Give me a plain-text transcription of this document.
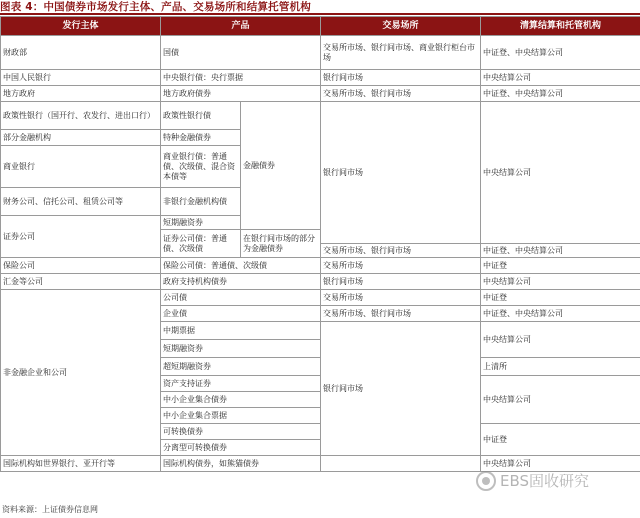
图表 4：中国债券市场发行主体、产品、交易场所和结算托管机构
发行主体	产品		交易场所	清算结算和托管机构
财政部	国债		交易所市场、银行间市场、商业银行柜台市场	中证登、中央结算公司
中国人民银行	中央银行债：央行票据		银行间市场	中央结算公司
地方政府	地方政府债券		交易所市场、银行间市场	中证登、中央结算公司
政策性银行（国开行、农发行、进出口行）	政策性银行债	金融债券	银行间市场	中央结算公司
部分金融机构	特种金融债券			
商业银行	商业银行债：普通债、次级债、混合资本债等			
财务公司、信托公司、租赁公司等	非银行金融机构债			
证券公司	短期融资券			
	证券公司债：普通债、次级债	在银行间市场的部分为金融债券		
			交易所市场、银行间市场	中证登、中央结算公司
保险公司	保险公司债：普通债、次级债		交易所市场	中证登
汇金等公司	政府支持机构债券		银行间市场	中央结算公司
非金融企业和公司	公司债		交易所市场	中证登
	企业债		交易所市场、银行间市场	中证登、中央结算公司
	中期票据		银行间市场	中央结算公司
	短期融资券			
	超短期融资券			上清所
	资产支持证券			中央结算公司
	中小企业集合债券			
	中小企业集合票据			
	可转换债券			中证登
	分离型可转换债券			
国际机构如世界银行、亚开行等	国际机构债券，如熊猫债券			中央结算公司
资料来源：上证债券信息网
EBS固收研究
